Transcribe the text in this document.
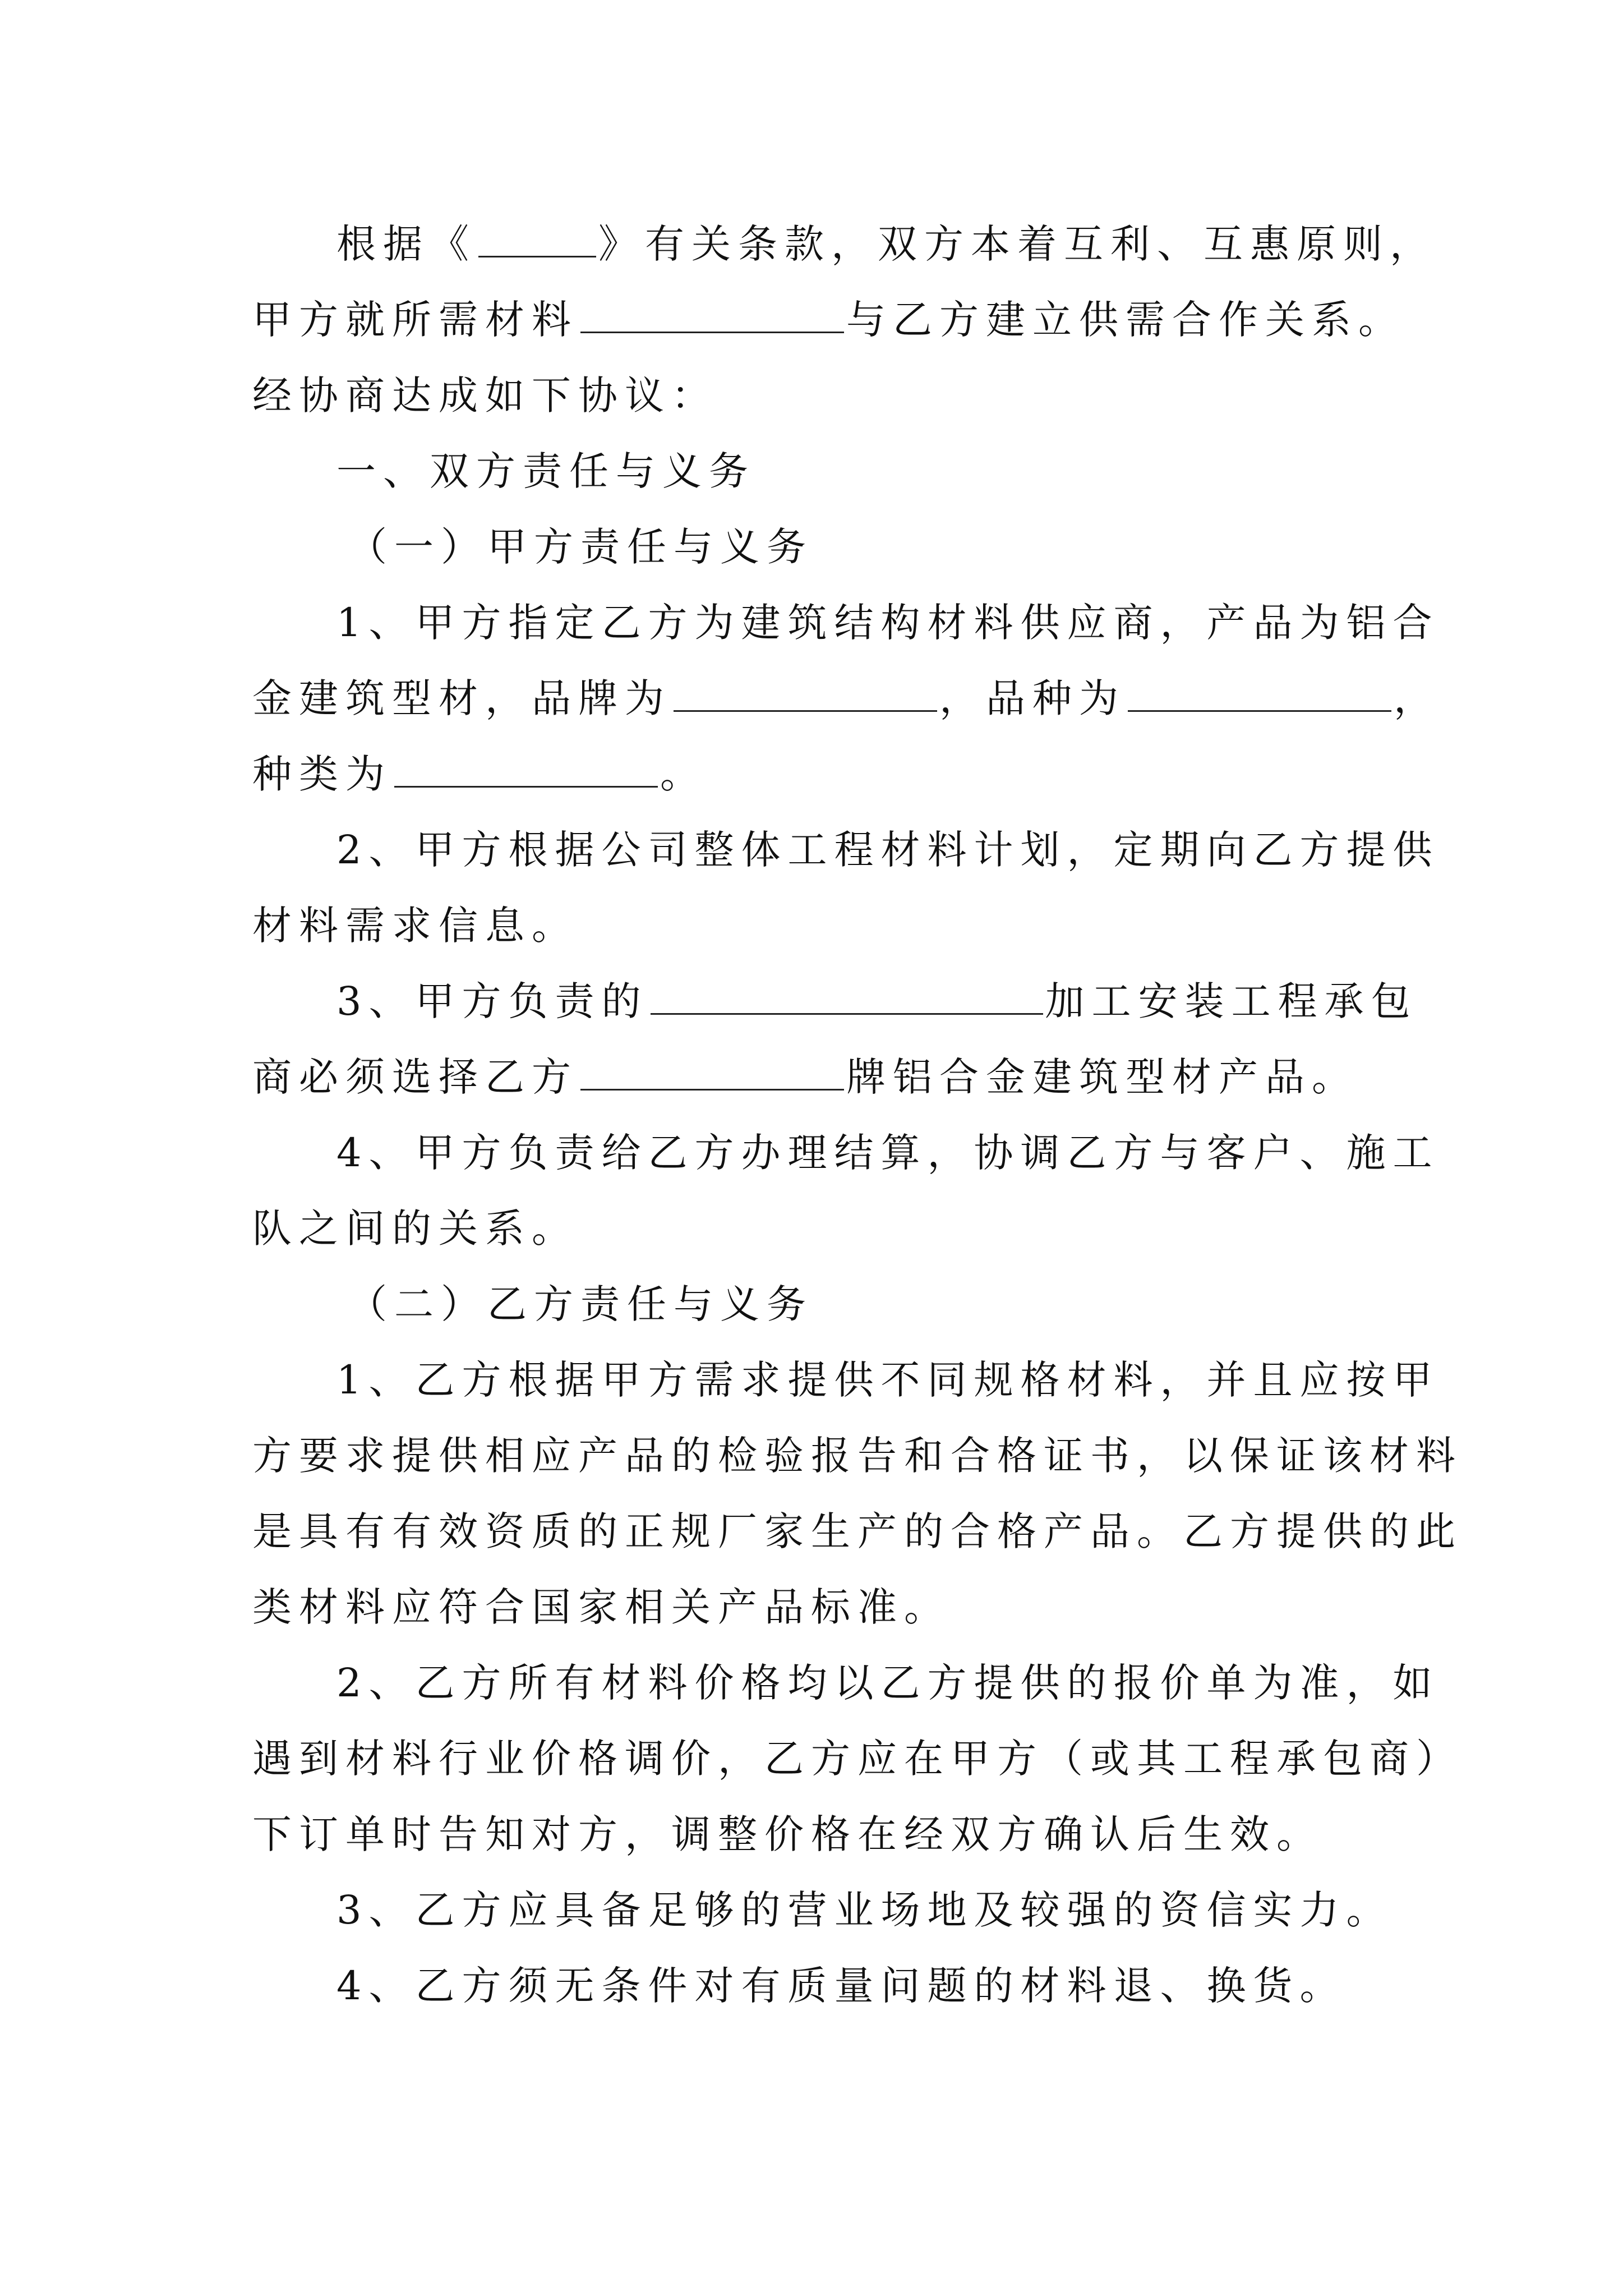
根据《	》有关条款，双方本着互利、互惠原则，
甲方就所需材料	与乙方建立供需合作关系。
经协商达成如下协议：
一、双方责任与义务
（一）甲方责任与义务
1、甲方指定乙方为建筑结构材料供应商，产品为铝合
金建筑型材，品牌为	，品种为	，
种类为	。
2、甲方根据公司整体工程材料计划，定期向乙方提供
材料需求信息。
3、甲方负责的	加工安装工程承包
商必须选择乙方	牌铝合金建筑型材产品。
4、甲方负责给乙方办理结算，协调乙方与客户、施工
队之间的关系。
（二）乙方责任与义务
1、乙方根据甲方需求提供不同规格材料，并且应按甲
方要求提供相应产品的检验报告和合格证书，以保证该材料
是具有有效资质的正规厂家生产的合格产品。乙方提供的此
类材料应符合国家相关产品标准。
2、乙方所有材料价格均以乙方提供的报价单为准，如
遇到材料行业价格调价，乙方应在甲方（或其工程承包商）
下订单时告知对方，调整价格在经双方确认后生效。
3、乙方应具备足够的营业场地及较强的资信实力。
4、乙方须无条件对有质量问题的材料退、换货。
